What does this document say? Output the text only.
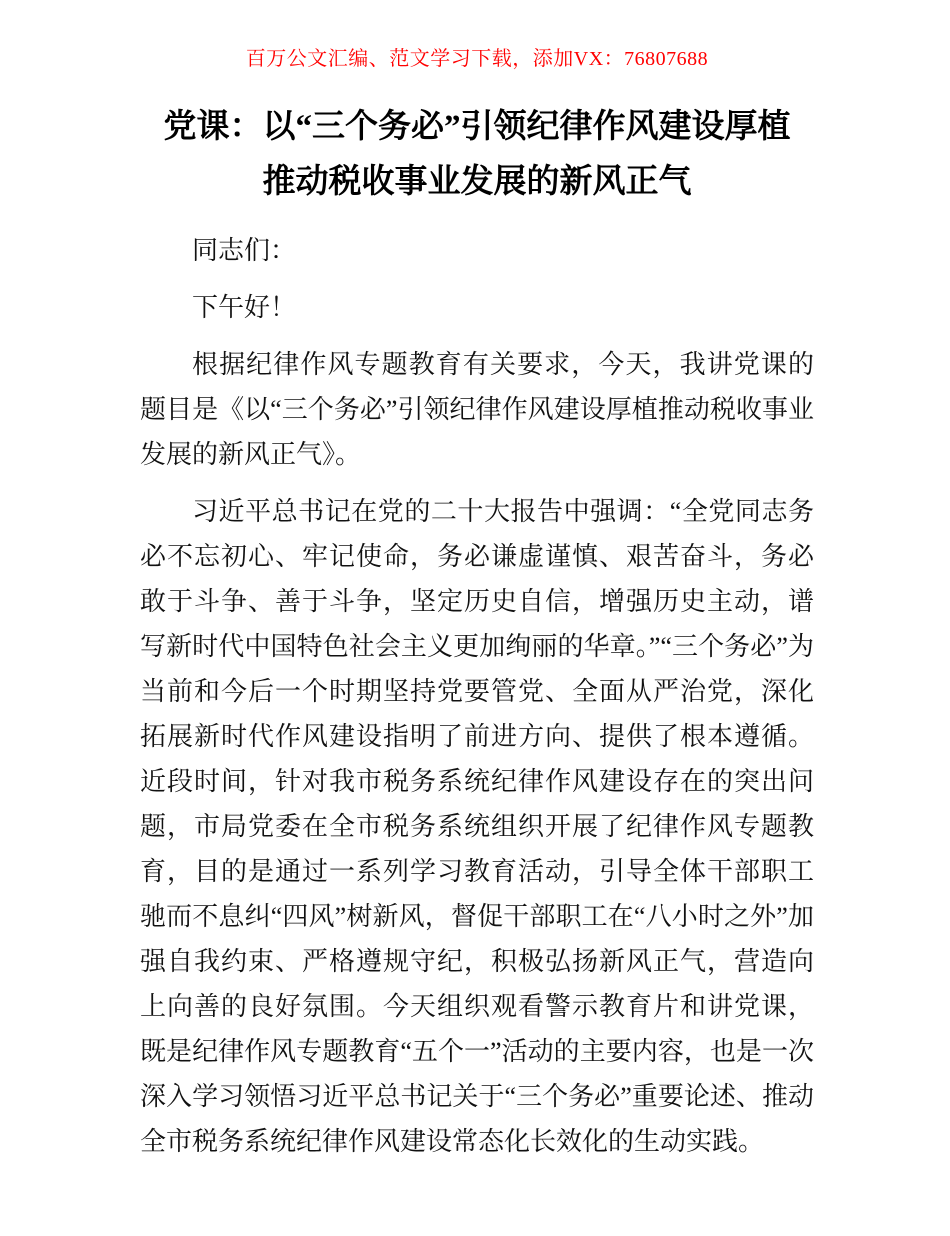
百万公文汇编、范文学习下载，添加VX：76807688
党课：以“三个务必”引领纪律作风建设厚植
推动税收事业发展的新风正气

同志们：

下午好！

根据纪律作风专题教育有关要求，今天，我讲党课的题目是《以“三个务必”引领纪律作风建设厚植推动税收事业发展的新风正气》。

习近平总书记在党的二十大报告中强调：“全党同志务必不忘初心、牢记使命，务必谦虚谨慎、艰苦奋斗，务必敢于斗争、善于斗争，坚定历史自信，增强历史主动，谱写新时代中国特色社会主义更加绚丽的华章。”“三个务必”为当前和今后一个时期坚持党要管党、全面从严治党，深化拓展新时代作风建设指明了前进方向、提供了根本遵循。近段时间，针对我市税务系统纪律作风建设存在的突出问题，市局党委在全市税务系统组织开展了纪律作风专题教育，目的是通过一系列学习教育活动，引导全体干部职工驰而不息纠“四风”树新风，督促干部职工在“八小时之外”加强自我约束、严格遵规守纪，积极弘扬新风正气，营造向上向善的良好氛围。今天组织观看警示教育片和讲党课，既是纪律作风专题教育“五个一”活动的主要内容，也是一次深入学习领悟习近平总书记关于“三个务必”重要论述、推动全市税务系统纪律作风建设常态化长效化的生动实践。
